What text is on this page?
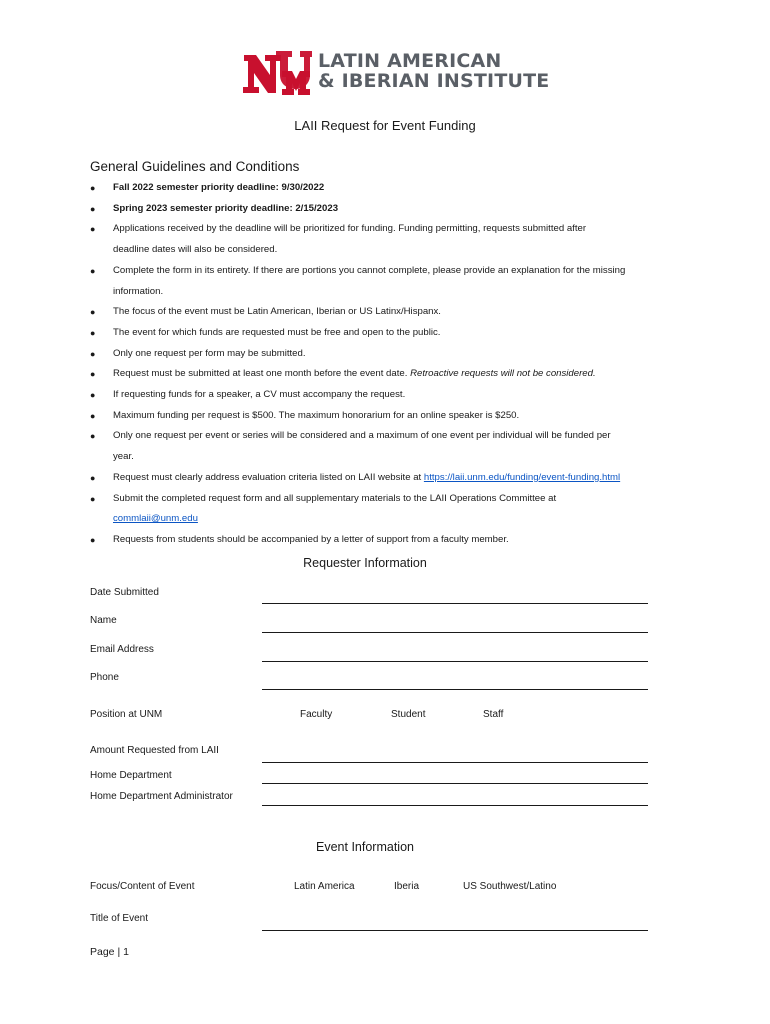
LATIN AMERICAN
& IBERIAN INSTITUTE
LAII Request for Event Funding
General Guidelines and Conditions
● Fall 2022 semester priority deadline: 9/30/2022
● Spring 2023 semester priority deadline: 2/15/2023
● Applications received by the deadline will be prioritized for funding. Funding permitting, requests submitted after
deadline dates will also be considered.
● Complete the form in its entirety. If there are portions you cannot complete, please provide an explanation for the missing
information.
● The focus of the event must be Latin American, Iberian or US Latinx/Hispanx.
● The event for which funds are requested must be free and open to the public.
● Only one request per form may be submitted.
● Request must be submitted at least one month before the event date. Retroactive requests will not be considered.
● If requesting funds for a speaker, a CV must accompany the request.
● Maximum funding per request is $500. The maximum honorarium for an online speaker is $250.
● Only one request per event or series will be considered and a maximum of one event per individual will be funded per
year.
● Request must clearly address evaluation criteria listed on LAII website at https://laii.unm.edu/funding/event-funding.html
● Submit the completed request form and all supplementary materials to the LAII Operations Committee at
commlaii@unm.edu
● Requests from students should be accompanied by a letter of support from a faculty member.
Requester Information
Date Submitted
Name
Email Address
Phone
Position at UNM	Faculty	Student	Staff
Amount Requested from LAII
Home Department
Home Department Administrator
Event Information
Focus/Content of Event	Latin America	Iberia	US Southwest/Latino
Title of Event
Page | 1
